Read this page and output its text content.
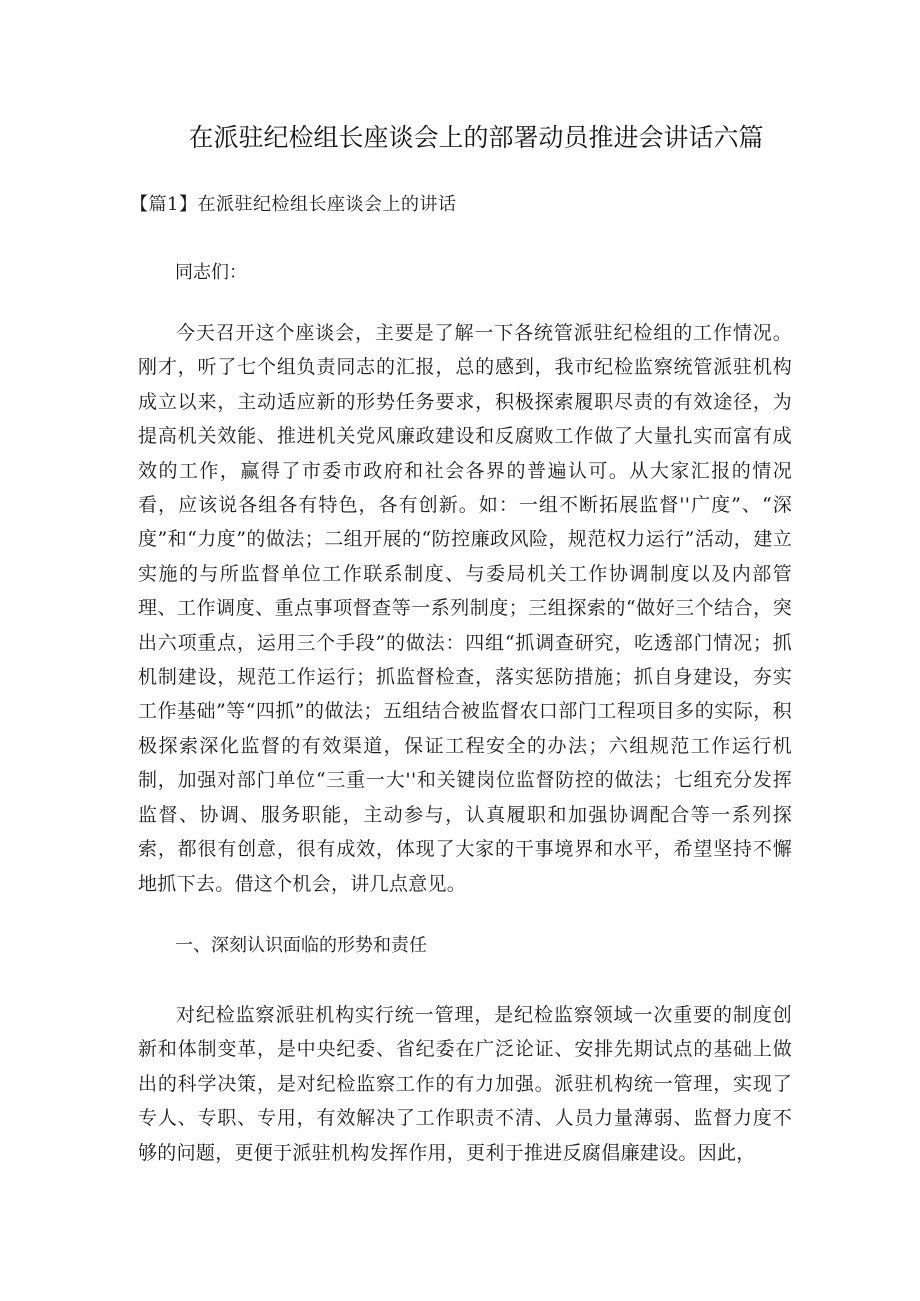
在派驻纪检组长座谈会上的部署动员推进会讲话六篇
【篇1】在派驻纪检组长座谈会上的讲话

同志们：

今天召开这个座谈会，主要是了解一下各统管派驻纪检组的工作情况。刚才，听了七个组负责同志的汇报，总的感到，我市纪检监察统管派驻机构成立以来，主动适应新的形势任务要求，积极探索履职尽责的有效途径，为提高机关效能、推进机关党风廉政建设和反腐败工作做了大量扎实而富有成效的工作，赢得了市委市政府和社会各界的普遍认可。从大家汇报的情况看，应该说各组各有特色，各有创新。如：一组不断拓展监督''广度”、“深度”和“力度”的做法；二组开展的“防控廉政风险，规范权力运行”活动，建立实施的与所监督单位工作联系制度、与委局机关工作协调制度以及内部管理、工作调度、重点事项督查等一系列制度；三组探索的“做好三个结合，突出六项重点，运用三个手段”的做法：四组“抓调查研究，吃透部门情况；抓机制建设，规范工作运行；抓监督检查，落实惩防措施；抓自身建设，夯实工作基础”等“四抓”的做法；五组结合被监督农口部门工程项目多的实际，积极探索深化监督的有效渠道，保证工程安全的办法；六组规范工作运行机制，加强对部门单位“三重一大''和关键岗位监督防控的做法；七组充分发挥监督、协调、服务职能，主动参与，认真履职和加强协调配合等一系列探索，都很有创意，很有成效，体现了大家的干事境界和水平，希望坚持不懈地抓下去。借这个机会，讲几点意见。

一、深刻认识面临的形势和责任

对纪检监察派驻机构实行统一管理，是纪检监察领域一次重要的制度创新和体制变革，是中央纪委、省纪委在广泛论证、安排先期试点的基础上做出的科学决策，是对纪检监察工作的有力加强。派驻机构统一管理，实现了专人、专职、专用，有效解决了工作职责不清、人员力量薄弱、监督力度不够的问题，更便于派驻机构发挥作用，更利于推进反腐倡廉建设。因此，
